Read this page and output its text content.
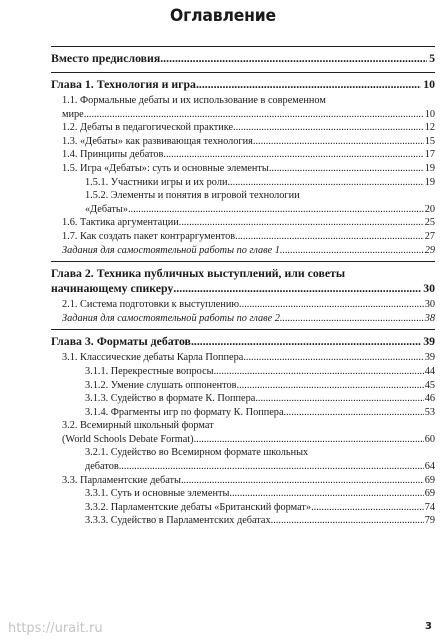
Оглавление
Вместо предисловия .....	5
Глава 1. Технология и игра .....	10
1.1. Формальные дебаты и их использование в современном
мире .....	10
1.2. Дебаты в педагогической практике .....	12
1.3. «Дебаты» как развивающая технология .....	15
1.4. Принципы дебатов .....	17
1.5. Игра «Дебаты»: суть и основные элементы .....	19
1.5.1. Участники игры и их роли .....	19
1.5.2. Элементы и понятия в игровой технологии
«Дебаты» .....	20
1.6. Тактика аргументации .....	25
1.7. Как создать пакет контраргументов .....	27
Задания для самостоятельной работы по главе 1 .....	29
Глава 2. Техника публичных выступлений, или советы
начинающему спикеру .....	30
2.1. Система подготовки к выступлению .....	30
Задания для самостоятельной работы по главе 2 .....	38
Глава 3. Форматы дебатов .....	39
3.1. Классические дебаты Карла Поппера .....	39
3.1.1. Перекрестные вопросы .....	44
3.1.2. Умение слушать оппонентов .....	45
3.1.3. Судейство в формате К. Поппера .....	46
3.1.4. Фрагменты игр по формату К. Поппера .....	53
3.2. Всемирный школьный формат
(World Schools Debate Format) .....	60
3.2.1. Судейство во Всемирном формате школьных
дебатов .....	64
3.3. Парламентские дебаты .....	69
3.3.1. Суть и основные элементы .....	69
3.3.2. Парламентские дебаты «Британский формат» .....	74
3.3.3. Судейство в Парламентских дебатах .....	79
https://urait.ru	3
